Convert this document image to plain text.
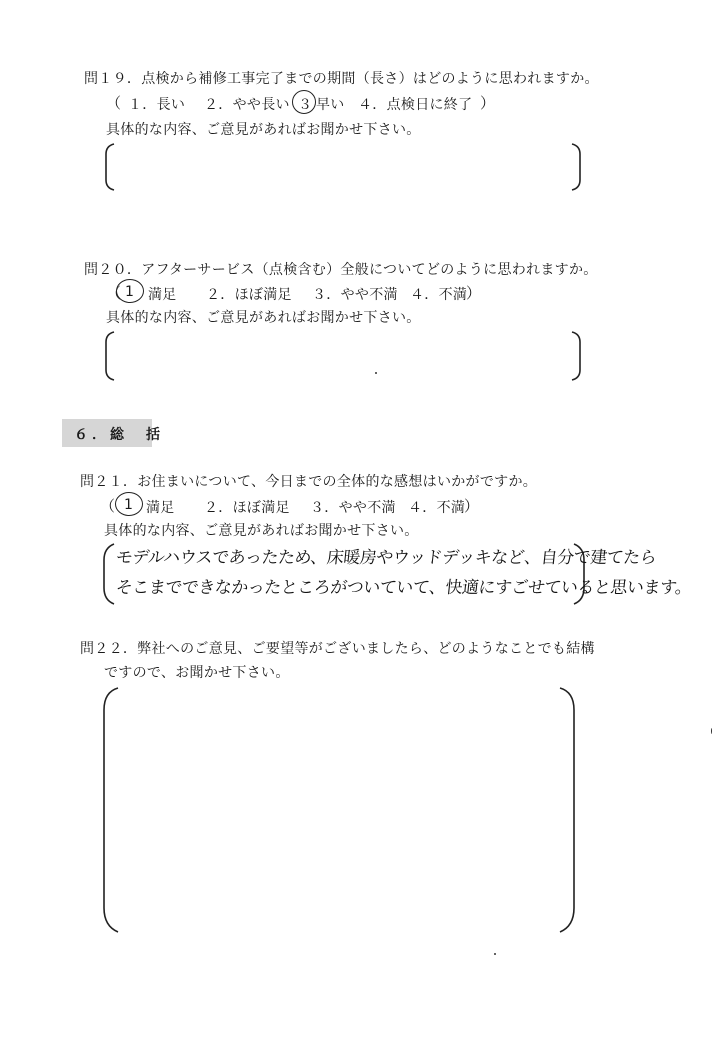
問１９．点検から補修工事完了までの期間（長さ）はどのように思われますか。
（ １．長い ２．やや長い ３ 早い ４．点検日に終了 ）
具体的な内容、ご意見があればお聞かせ下さい。
問２０．アフターサービス（点検含む）全般についてどのように思われますか。
（ 1 満足 ２．ほぼ満足 ３．やや不満 ４．不満
）
具体的な内容、ご意見があればお聞かせ下さい。
６．総　括
問２１．お住まいについて、今日までの全体的な感想はいかがですか。
（ 1 満足 ２．ほぼ満足 ３．やや不満 ４．不満
）
具体的な内容、ご意見があればお聞かせ下さい。
モデルハウスであったため、床暖房やウッドデッキなど、自分で建てたら
そこまでできなかったところがついていて、快適にすごせていると思います。
問２２．弊社へのご意見、ご要望等がございましたら、どのようなことでも結構
ですので、お聞かせ下さい。
